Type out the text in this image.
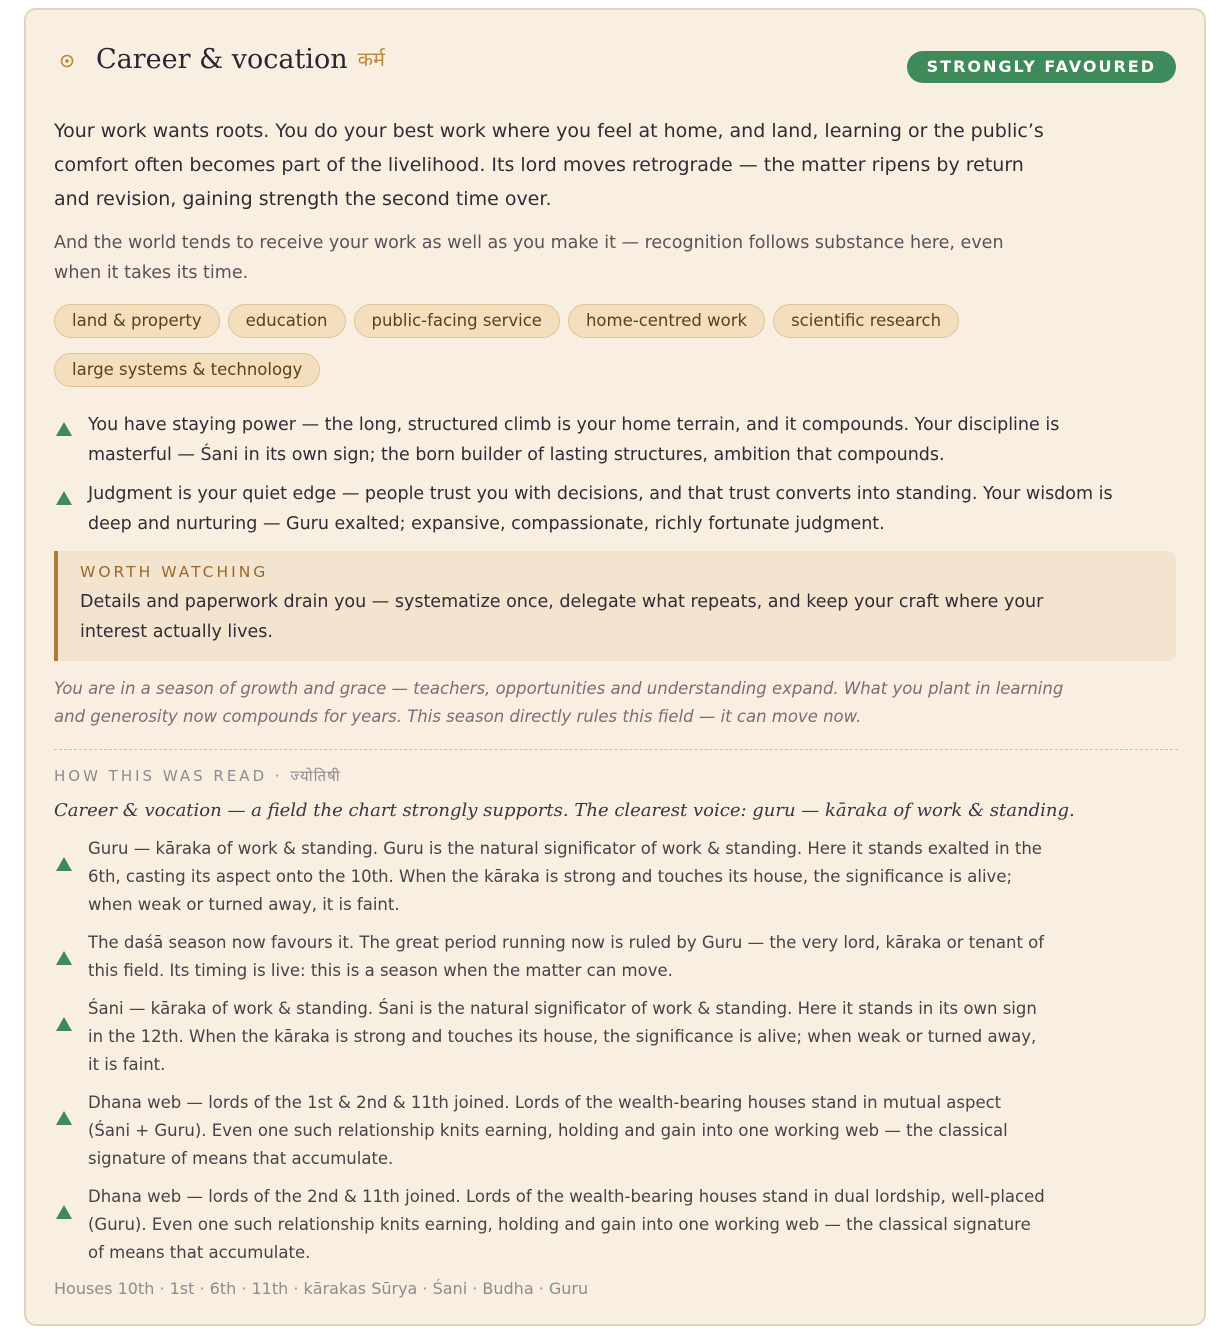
Career & vocation कर्म	STRONGLY FAVOURED

Your work wants roots. You do your best work where you feel at home, and land, learning or the public’s comfort often becomes part of the livelihood. Its lord moves retrograde — the matter ripens by return and revision, gaining strength the second time over.

And the world tends to receive your work as well as you make it — recognition follows substance here, even when it takes its time.

land & property	education	public-facing service	home-centred work	scientific researchlarge systems & technology
You have staying power — the long, structured climb is your home terrain, and it compounds. Your discipline is masterful — Śani in its own sign; the born builder of lasting structures, ambition that compounds.
Judgment is your quiet edge — people trust you with decisions, and that trust converts into standing. Your wisdom is deep and nurturing — Guru exalted; expansive, compassionate, richly fortunate judgment.
WORTH WATCHING
Details and paperwork drain you — systematize once, delegate what repeats, and keep your craft where your interest actually lives.
You are in a season of growth and grace — teachers, opportunities and understanding expand. What you plant in learning and generosity now compounds for years. This season directly rules this field — it can move now.
HOW THIS WAS READ · ज्योतिषी
Career & vocation — a field the chart strongly supports. The clearest voice: guru — kāraka of work & standing.
Guru — kāraka of work & standing. Guru is the natural significator of work & standing. Here it stands exalted in the 6th, casting its aspect onto the 10th. When the kāraka is strong and touches its house, the significance is alive; when weak or turned away, it is faint.
The daśā season now favours it. The great period running now is ruled by Guru — the very lord, kāraka or tenant of this field. Its timing is live: this is a season when the matter can move.
Śani — kāraka of work & standing. Śani is the natural significator of work & standing. Here it stands in its own sign in the 12th. When the kāraka is strong and touches its house, the significance is alive; when weak or turned away, it is faint.
Dhana web — lords of the 1st & 2nd & 11th joined. Lords of the wealth-bearing houses stand in mutual aspect (Śani + Guru). Even one such relationship knits earning, holding and gain into one working web — the classical signature of means that accumulate.
Dhana web — lords of the 2nd & 11th joined. Lords of the wealth-bearing houses stand in dual lordship, well-placed (Guru). Even one such relationship knits earning, holding and gain into one working web — the classical signature of means that accumulate.
Houses 10th · 1st · 6th · 11th · kārakas Sūrya · Śani · Budha · Guru
